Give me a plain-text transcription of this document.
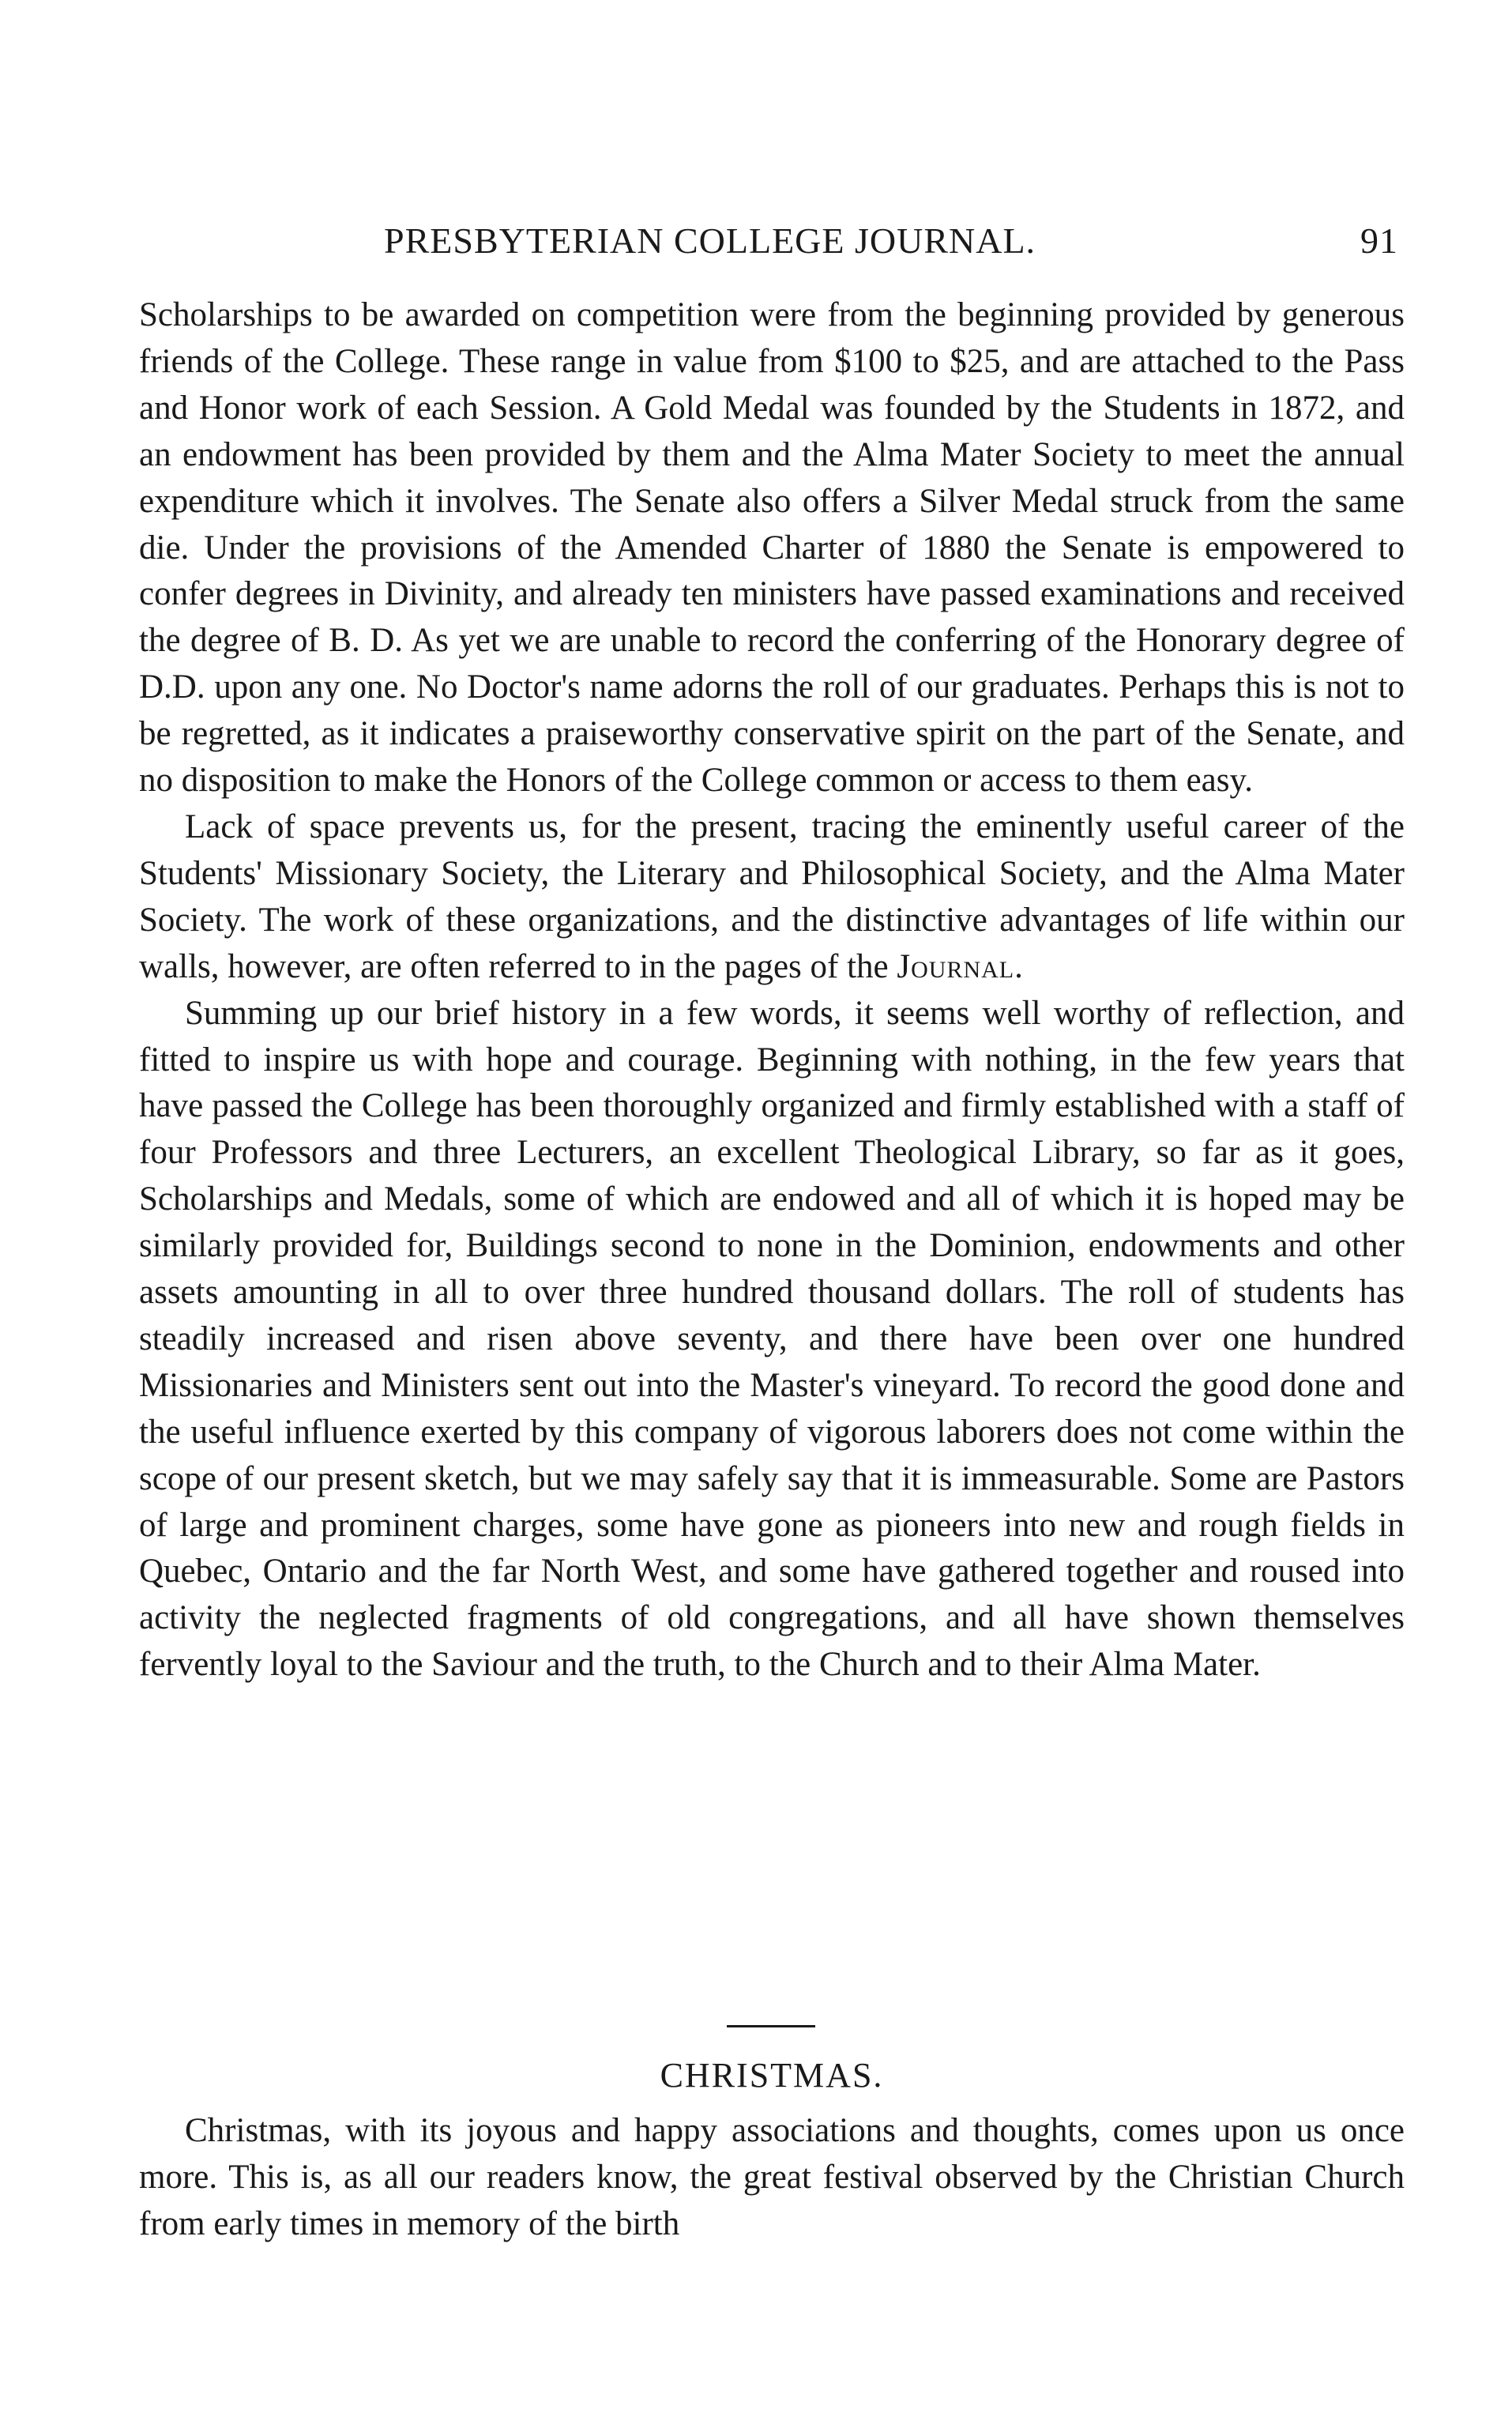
PRESBYTERIAN COLLEGE JOURNAL.	91

Scholarships to be awarded on competition were from the beginning provided by generous friends of the College. These range in value from $100 to $25, and are attached to the Pass and Honor work of each Session. A Gold Medal was founded by the Students in 1872, and an endowment has been provided by them and the Alma Mater Society to meet the annual expenditure which it involves. The Senate also offers a Silver Medal struck from the same die. Under the provisions of the Amended Charter of 1880 the Senate is empowered to confer degrees in Divinity, and already ten ministers have passed examinations and received the degree of B. D. As yet we are unable to record the conferring of the Honorary degree of D.D. upon any one. No Doctor's name adorns the roll of our graduates. Perhaps this is not to be regretted, as it indicates a praiseworthy conservative spirit on the part of the Senate, and no disposition to make the Honors of the College common or access to them easy.

Lack of space prevents us, for the present, tracing the eminently useful career of the Students' Missionary Society, the Literary and Philosophical Society, and the Alma Mater Society. The work of these organizations, and the distinctive advantages of life within our walls, however, are often referred to in the pages of the Journal.

Summing up our brief history in a few words, it seems well worthy of reflection, and fitted to inspire us with hope and courage. Beginning with nothing, in the few years that have passed the College has been thoroughly organized and firmly established with a staff of four Professors and three Lecturers, an excellent Theological Library, so far as it goes, Scholarships and Medals, some of which are endowed and all of which it is hoped may be similarly provided for, Buildings second to none in the Dominion, endowments and other assets amounting in all to over three hundred thousand dollars. The roll of students has steadily increased and risen above seventy, and there have been over one hundred Missionaries and Ministers sent out into the Master's vineyard. To record the good done and the useful influence exerted by this company of vigorous laborers does not come within the scope of our present sketch, but we may safely say that it is immeasurable. Some are Pastors of large and prominent charges, some have gone as pioneers into new and rough fields in Quebec, Ontario and the far North West, and some have gathered together and roused into activity the neglected fragments of old congregations, and all have shown themselves fervently loyal to the Saviour and the truth, to the Church and to their Alma Mater.

CHRISTMAS.

Christmas, with its joyous and happy associations and thoughts, comes upon us once more. This is, as all our readers know, the great festival observed by the Christian Church from early times in memory of the birth
